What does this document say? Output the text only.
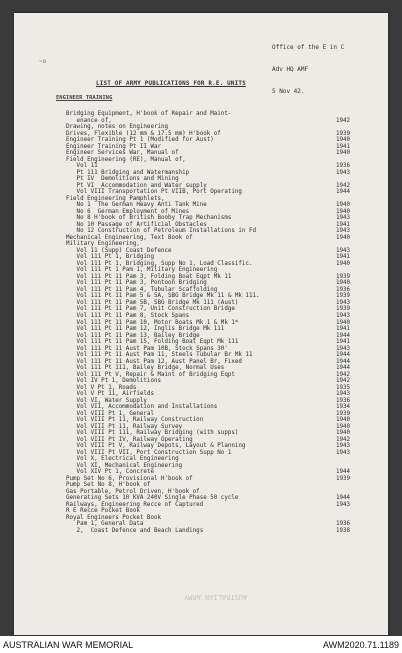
~o

Office of the E in C

Adv HQ AMF

5 Nov 42.

LIST OF ARMY PUBLICATIONS FOR R.E. UNITS
ENGINEER TRAINING
Bridging Equipment, H'book of Repair and Maint-
enance of,	1942
Drawing, notes on Engineering
Drives, Flexible (12 mm & 17.5 mm) H'book of	1939
Engineer Training Pt 1 (Modified for Aust)	1940
Engineer Training Pt II War	1941
Engineer Services War, Manual of	1940
Field Engineering (RE), Manual of,
Vol 11	1936
Pt 111 Bridging and Watermanship	1943
Pt IV  Demolitions and Mining
Pt VI  Accommodation and Water supply	1942
Vol VIII Transportation Pt VIIB, Port Operating	1944
Field Engineering Pamphlets,
No 1  The German Heavy Anti Tank Mine	1940
No 6  German Employment of Mines	1940
No 8 H'book of British Booby Trap Mechanisms	1943
No 10 Passage of Artificial Obstacles	1941
No 12 Construction of Petroleum Installations in Fd	1943
Mechanical Engineering, Text Book of	1940
Military Engineering,
Vol 11 (Supp) Coast Defence	1943
Vol 111 Pt 1, Bridging	1941
Vol 111 Pt 1, Bridging, Supp No 1, Load Classific.	1940
Vol 111 Pt 1 Pam 1, Military Engineering
Vol 111 Pt 11 Pam 3, Folding Boat Eqpt Mk 11	1939
Vol 111 Pt 11 Pam 3, Pontoon Bridging	1940
Vol 111 Pt 11 Pam 4, Tubular Scaffolding	1936
Vol 111 Pt 11 Pam 5 & 5A, SBG Bridge Mk 11 & Mk 111.	1939
Vol 111 Pt 11 Pam 5B, SBG Bridge Mk 111 (Aust)	1943
Vol 111 Pt 11 Pam 7, Unit Construction Bridge	1939
Vol 111 Pt 11 Pam 8, Stock Spans	1943
Vol 111 Pt 11 Pam 10, Motor Boats Mk 1 & Mk 1*	1940
Vol 111 Pt 11 Pam 12, Inglis Bridge Mk 111	1941
Vol 111 Pt 11 Pam 13, Bailey Bridge	1944
Vol 111 Pt 11 Pam 15, Folding Boat Eqpt Mk 111	1941
Vol 111 Pt 11 Aust Pam 10B, Stock Spans 30'	1943
Vol 111 Pt 11 Aust Pam 11, Steels Tubular Br Mk 11	1944
Vol 111 Pt 11 Aust Pam 12, Aust Panel Br, Fixed	1944
Vol 111 Pt 111, Bailey Bridge, Normal Uses	1944
Vol 111 Pt V, Repair & Maint of Bridging Eqpt	1942
Vol IV Pt 1, Demolitions	1942
Vol V Pt 1, Roads	1935
Vol V Pt 11, Airfields	1943
Vol VI, Water Supply	1936
Vol VII, Accommodation and Installations	1934
Vol VIII Pt 1, General	1939
Vol VIII Pt 11, Railway Construction	1940
Vol VIII Pt 11, Railway Survey	1940
Vol VIII Pt 111, Railway Bridging (with supps)	1940
Vol VIII Pt IV, Railway Operating	1942
Vol VIII Pt V, Railway Depots, Layout & Planning	1943
Vol VIII Pt VII, Port Construction Supp No 1	1943
Vol X, Electrical Engineering
Vol XI, Mechanical Engineering
Vol XIV Pt 1, Concrete	1944
Pump Set No 6, Provisional H'book of	1939
Pump Set No 8, H'book of
Gas Portable, Petrol Driven, H'book of
Generating Sets 10 KVA 240V Single Phase 50 cycle	1944
Railways, Engineering Recce of Captured	1943
R E Recce Pocket Book
Royal Engineers Pocket Book
Pam 1, General Data	1936
2,  Coast Defence and Beach Landings	1938
AUSTRALIAN ARMY
AUSTRALIAN WAR MEMORIAL	AWM2020.71.1189
